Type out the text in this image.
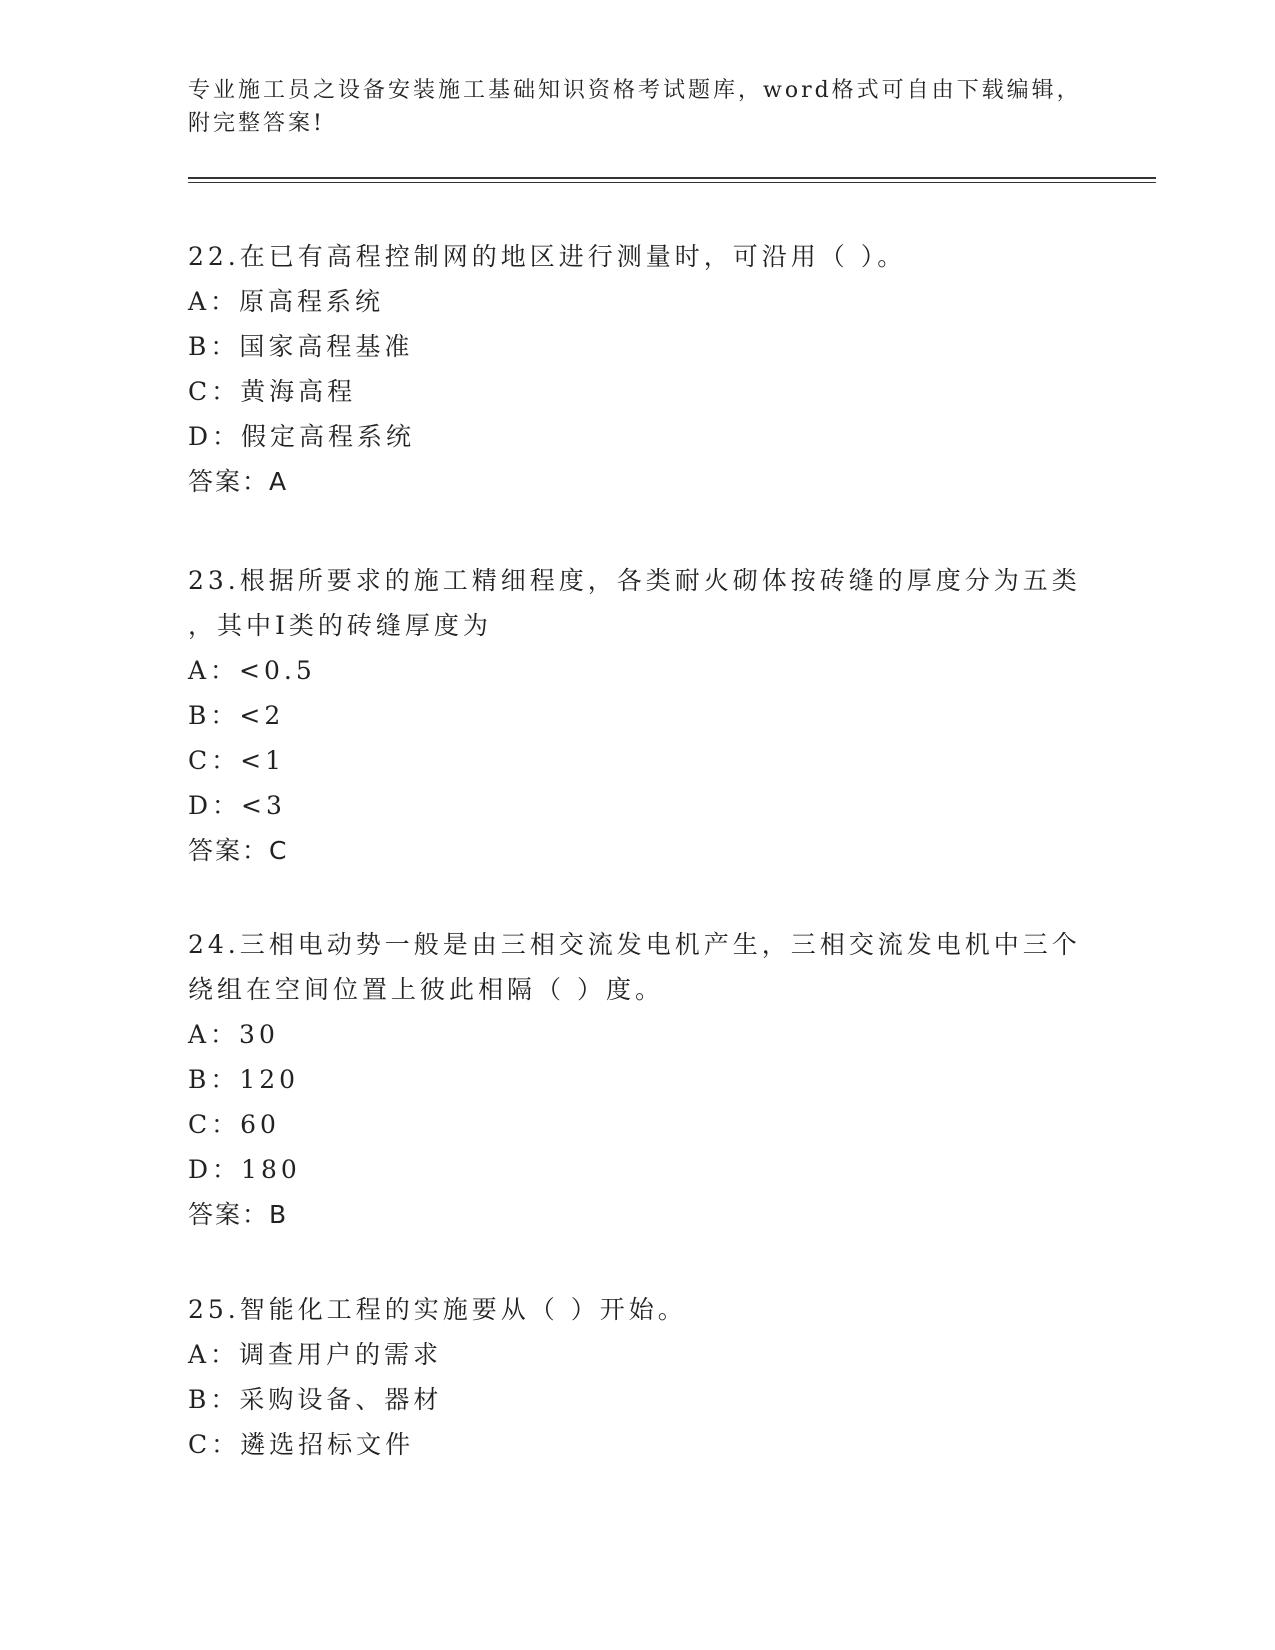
专业施工员之设备安装施工基础知识资格考试题库，word格式可自由下载编辑，
附完整答案!
22.在已有高程控制网的地区进行测量时，可沿用（ ）。
A：原高程系统
B：国家高程基准
C：黄海高程
D：假定高程系统
答案：A
23.根据所要求的施工精细程度，各类耐火砌体按砖缝的厚度分为五类
，其中Ⅰ类的砖缝厚度为
A：<0.5
B：<2
C：<1
D：<3
答案：C
24.三相电动势一般是由三相交流发电机产生，三相交流发电机中三个
绕组在空间位置上彼此相隔（ ）度。
A：30
B：120
C：60
D：180
答案：B
25.智能化工程的实施要从（ ）开始。
A：调查用户的需求
B：采购设备、器材
C：遴选招标文件
